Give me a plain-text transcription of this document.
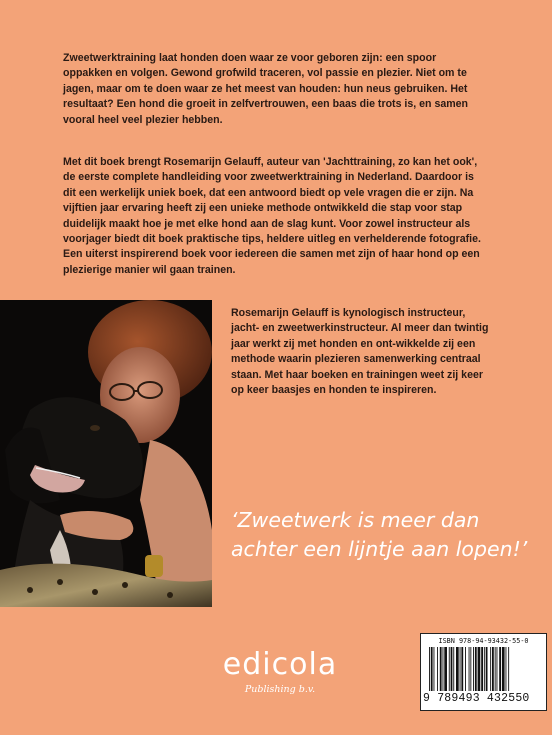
Zweetwerktraining laat honden doen waar ze voor geboren zijn: een spoor oppakken en volgen. Gewond grofwild traceren, vol passie en plezier. Niet om te jagen, maar om te doen waar ze het meest van houden: hun neus gebruiken. Het resultaat? Een hond die groeit in zelfvertrouwen, een baas die trots is, en samen vooral heel veel plezier hebben.

Met dit boek brengt Rosemarijn Gelauff, auteur van 'Jachttraining, zo kan het ook', de eerste complete handleiding voor zweetwerktraining in Nederland. Daardoor is dit een werkelijk uniek boek, dat een antwoord biedt op vele vragen die er zijn. Na vijftien jaar ervaring heeft zij een unieke methode ontwikkeld die stap voor stap duidelijk maakt hoe je met elke hond aan de slag kunt. Voor zowel instructeur als voorjager biedt dit boek praktische tips, heldere uitleg en verhelderende fotografie. Een uiterst inspirerend boek voor iedereen die samen met zijn of haar hond op een plezierige manier wil gaan trainen.

Rosemarijn Gelauff is kynologisch instructeur, jacht- en zweetwerkinstructeur. Al meer dan twintig jaar werkt zij met honden en ont-wikkelde zij een methode waarin plezieren samenwerking centraal staan. Met haar boeken en trainingen weet zij keer op keer baasjes en honden te inspireren.

‘Zweetwerk is meer dan achter een lijntje aan lopen!’

edicola
Publishing b.v.
ISBN 978-94-93432-55-0
9 789493 432550
